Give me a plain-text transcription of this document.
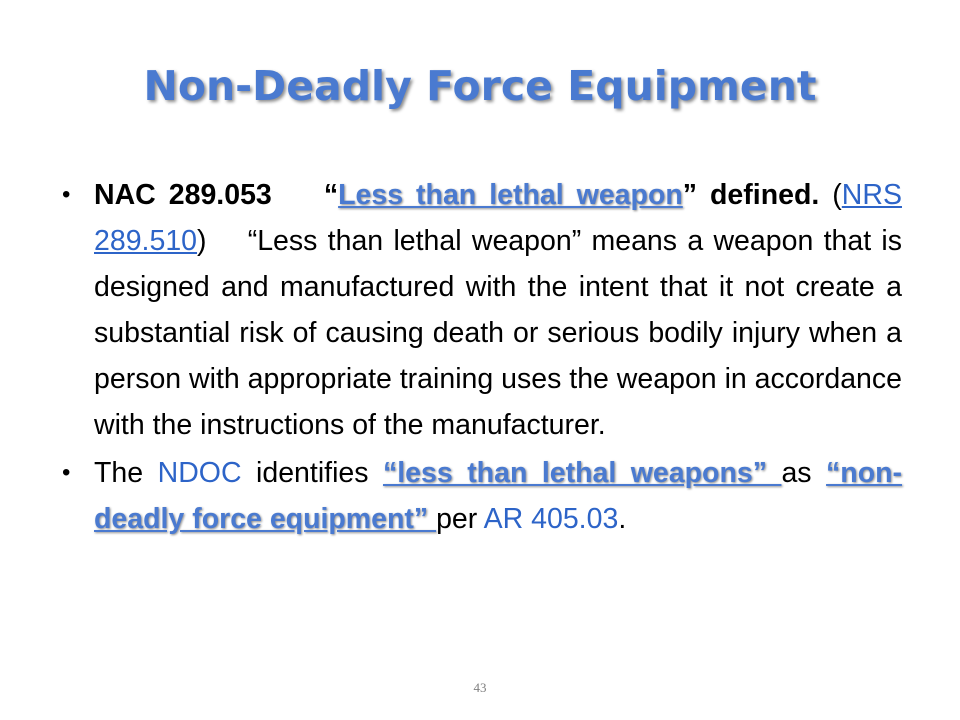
Non-Deadly Force Equipment
• NAC 289.053 “Less than lethal weapon” defined. (NRS 289.510) “Less than lethal weapon” means a weapon that is designed and manufactured with the intent that it not create a substantial risk of causing death or serious bodily injury when a person with appropriate training uses the weapon in accordance with the instructions of the manufacturer.
• The NDOC identifies “less than lethal weapons” as “non-deadly force equipment” per AR 405.03.
43
